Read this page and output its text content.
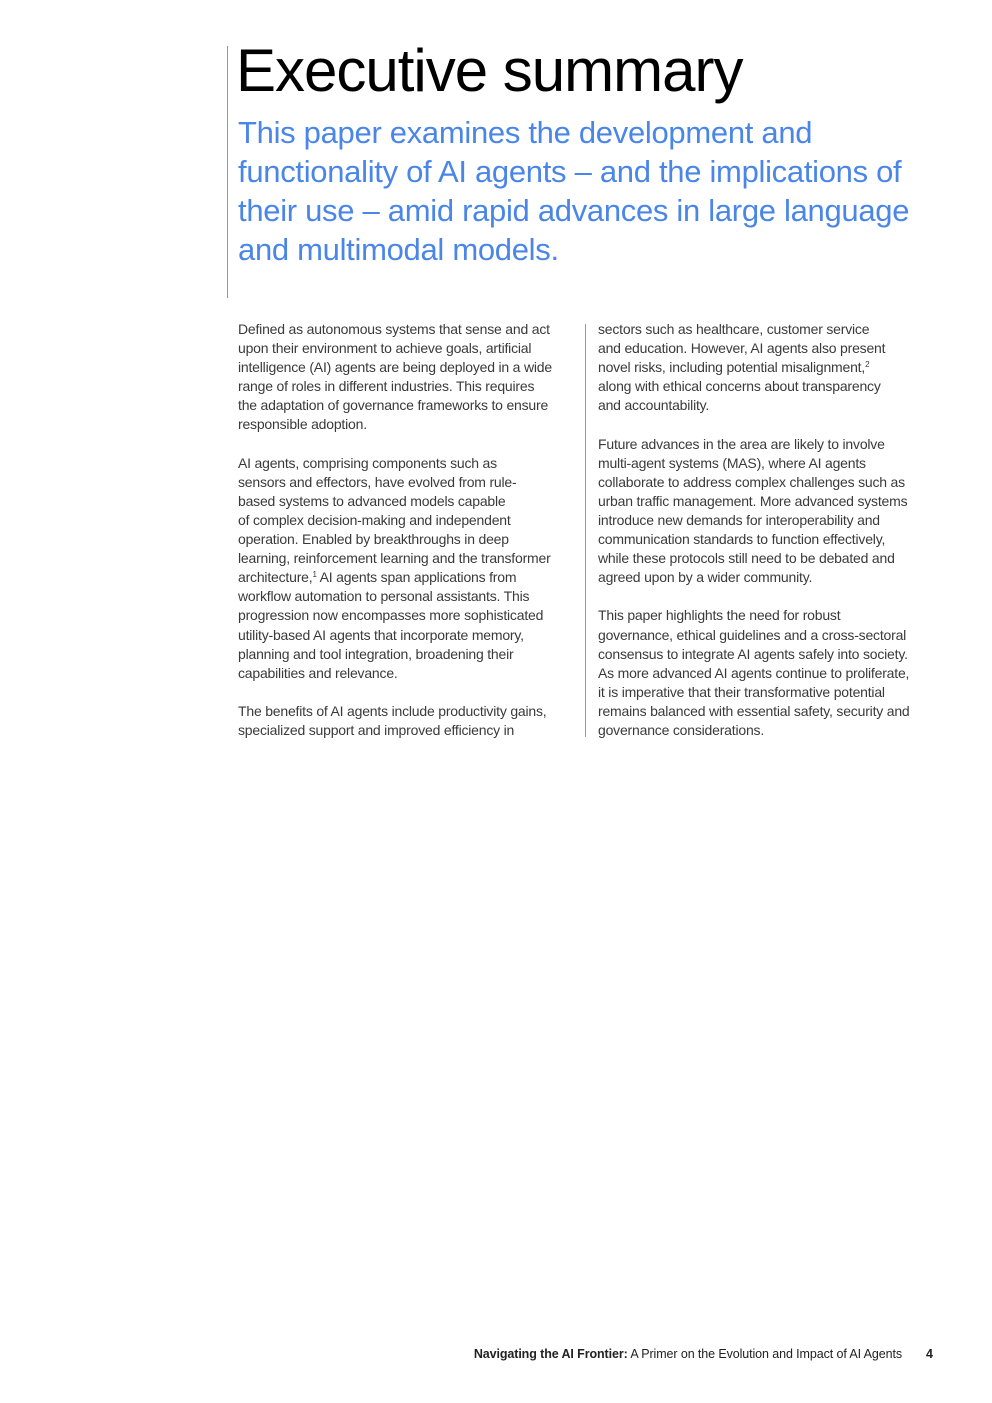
Executive summary

This paper examines the development and functionality of AI agents – and the implications of their use – amid rapid advances in large language and multimodal models.

Defined as autonomous systems that sense and act
upon their environment to achieve goals, artificial
intelligence (AI) agents are being deployed in a wide
range of roles in different industries. This requires
the adaptation of governance frameworks to ensure
responsible adoption.

AI agents, comprising components such as
sensors and effectors, have evolved from rule-
based systems to advanced models capable
of complex decision-making and independent
operation. Enabled by breakthroughs in deep
learning, reinforcement learning and the transformer
architecture,$^1$ AI agents span applications from
workflow automation to personal assistants. This
progression now encompasses more sophisticated
utility-based AI agents that incorporate memory,
planning and tool integration, broadening their
capabilities and relevance.

The benefits of AI agents include productivity gains,
specialized support and improved efficiency in

sectors such as healthcare, customer service
and education. However, AI agents also present
novel risks, including potential misalignment,$^2$
along with ethical concerns about transparency
and accountability.

Future advances in the area are likely to involve
multi-agent systems (MAS), where AI agents
collaborate to address complex challenges such as
urban traffic management. More advanced systems
introduce new demands for interoperability and
communication standards to function effectively,
while these protocols still need to be debated and
agreed upon by a wider community.

This paper highlights the need for robust
governance, ethical guidelines and a cross-sectoral
consensus to integrate AI agents safely into society.
As more advanced AI agents continue to proliferate,
it is imperative that their transformative potential
remains balanced with essential safety, security and
governance considerations.

Navigating the AI Frontier: A Primer on the Evolution and Impact of AI Agents 4
